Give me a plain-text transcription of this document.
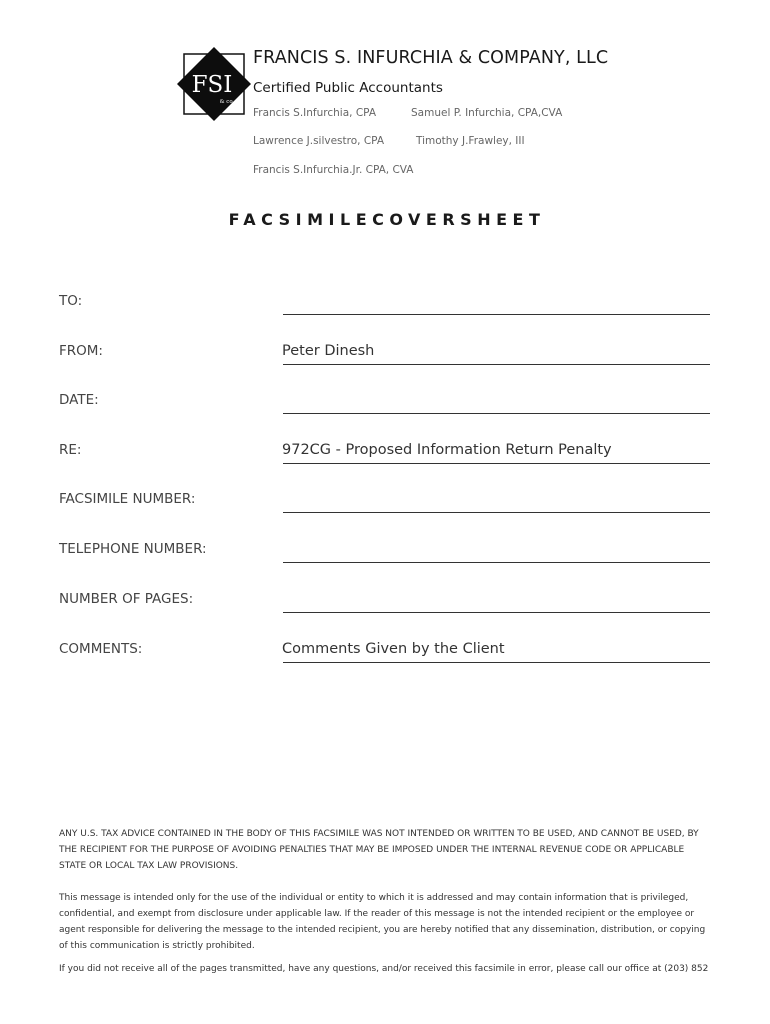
FSI
& co.
FRANCIS S. INFURCHIA & COMPANY, LLC
Certified Public Accountants
Francis S.Infurchia, CPA	Samuel P. Infurchia, CPA,CVA
Lawrence J.silvestro, CPA	Timothy J.Frawley, III
Francis S.Infurchia.Jr. CPA, CVA
FACSIMILECOVERSHEET
TO:
FROM:	Peter Dinesh
DATE:
RE:	972CG - Proposed Information Return Penalty
FACSIMILE NUMBER:
TELEPHONE NUMBER:
NUMBER OF PAGES:
COMMENTS:	Comments Given by the Client
ANY U.S. TAX ADVICE CONTAINED IN THE BODY OF THIS FACSIMILE WAS NOT INTENDED OR WRITTEN TO BE USED, AND CANNOT BE USED, BY THE RECIPIENT FOR THE PURPOSE OF AVOIDING PENALTIES THAT MAY BE IMPOSED UNDER THE INTERNAL REVENUE CODE OR APPLICABLE STATE OR LOCAL TAX LAW PROVISIONS.
This message is intended only for the use of the individual or entity to which it is addressed and may contain information that is privileged, confidential, and exempt from disclosure under applicable law. If the reader of this message is not the intended recipient or the employee or agent responsible for delivering the message to the intended recipient, you are hereby notified that any dissemination, distribution, or copying of this communication is strictly prohibited.
If you did not receive all of the pages transmitted, have any questions, and/or received this facsimile in error, please call our office at (203) 852
